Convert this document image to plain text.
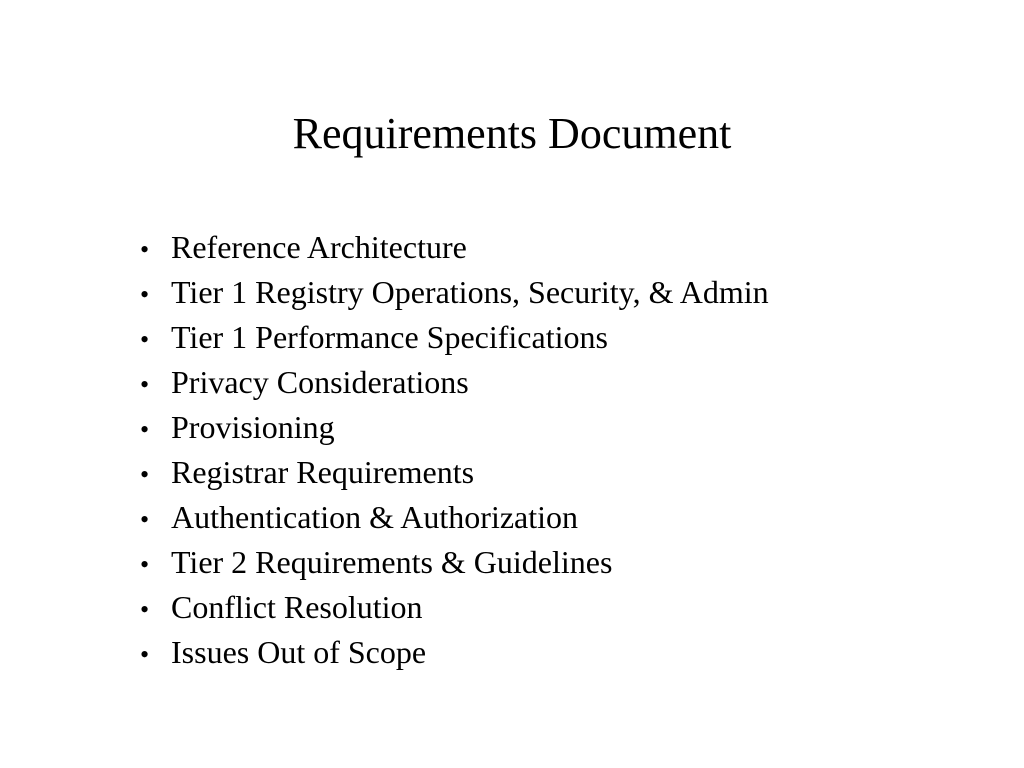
Requirements Document
• Reference Architecture
• Tier 1 Registry Operations, Security, & Admin
• Tier 1 Performance Specifications
• Privacy Considerations
• Provisioning
• Registrar Requirements
• Authentication & Authorization
• Tier 2 Requirements & Guidelines
• Conflict Resolution
• Issues Out of Scope
